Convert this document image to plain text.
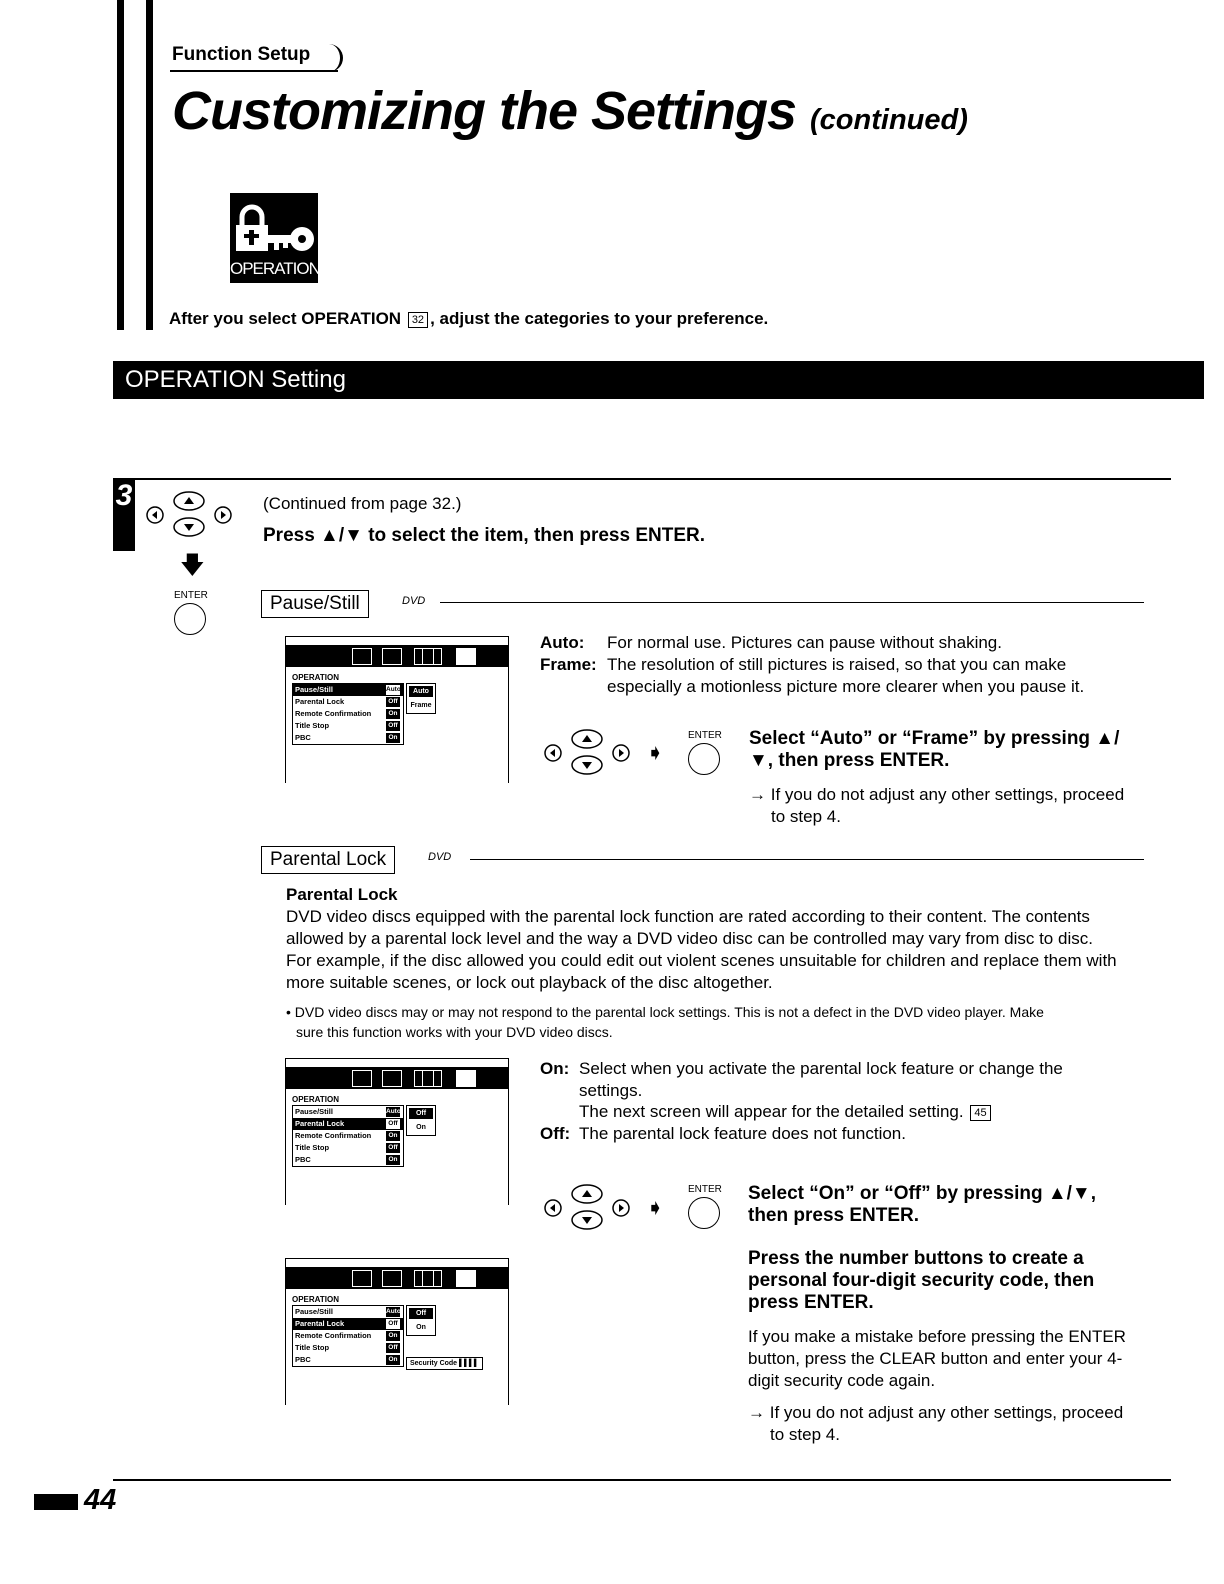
Function Setup
Customizing the Settings (continued)
OPERATION
After you select OPERATION 32 , adjust the categories to your preference.
OPERATION Setting
3
🡇
ENTER
(Continued from page 32.)
Press ▲/▼ to select the item, then press ENTER.
Pause/Still	DVD
OPERATION
Pause/Still	Auto
Parental Lock	Off
Remote Confirmation	On
Title Stop	Off
PBC	On
Auto
Frame
Auto: For normal use. Pictures can pause without shaking.
Frame: The resolution of still pictures is raised, so that you can make
especially a motionless picture more clearer when you pause it.
➧
ENTER Select “Auto” or “Frame” by pressing ▲/
▼, then press ENTER.
→ If you do not adjust any other settings, proceed
to step 4.
Parental Lock	DVD
Parental Lock
DVD video discs equipped with the parental lock function are rated according to their content. The contents
allowed by a parental lock level and the way a DVD video disc can be controlled may vary from disc to disc.
For example, if the disc allowed you could edit out violent scenes unsuitable for children and replace them with
more suitable scenes, or lock out playback of the disc altogether.
• DVD video discs may or may not respond to the parental lock settings. This is not a defect in the DVD video player. Make
sure this function works with your DVD video discs.
OPERATION
Pause/Still	Auto
Parental Lock	Off
Remote Confirmation	On
Title Stop	Off
PBC	On
Off
On
On: Select when you activate the parental lock feature or change the
settings.
The next screen will appear for the detailed setting. 45
Off: The parental lock feature does not function.
➧
ENTER Select “On” or “Off” by pressing ▲/▼,
then press ENTER.
OPERATION
Pause/Still	Auto
Parental Lock	Off
Remote Confirmation	On
Title Stop	Off
PBC	On
Off
On
Security Code ▌▌▌▌
Press the number buttons to create a
personal four-digit security code, then
press ENTER.
If you make a mistake before pressing the ENTER
button, press the CLEAR button and enter your 4-
digit security code again.
→ If you do not adjust any other settings, proceed
to step 4.
44
